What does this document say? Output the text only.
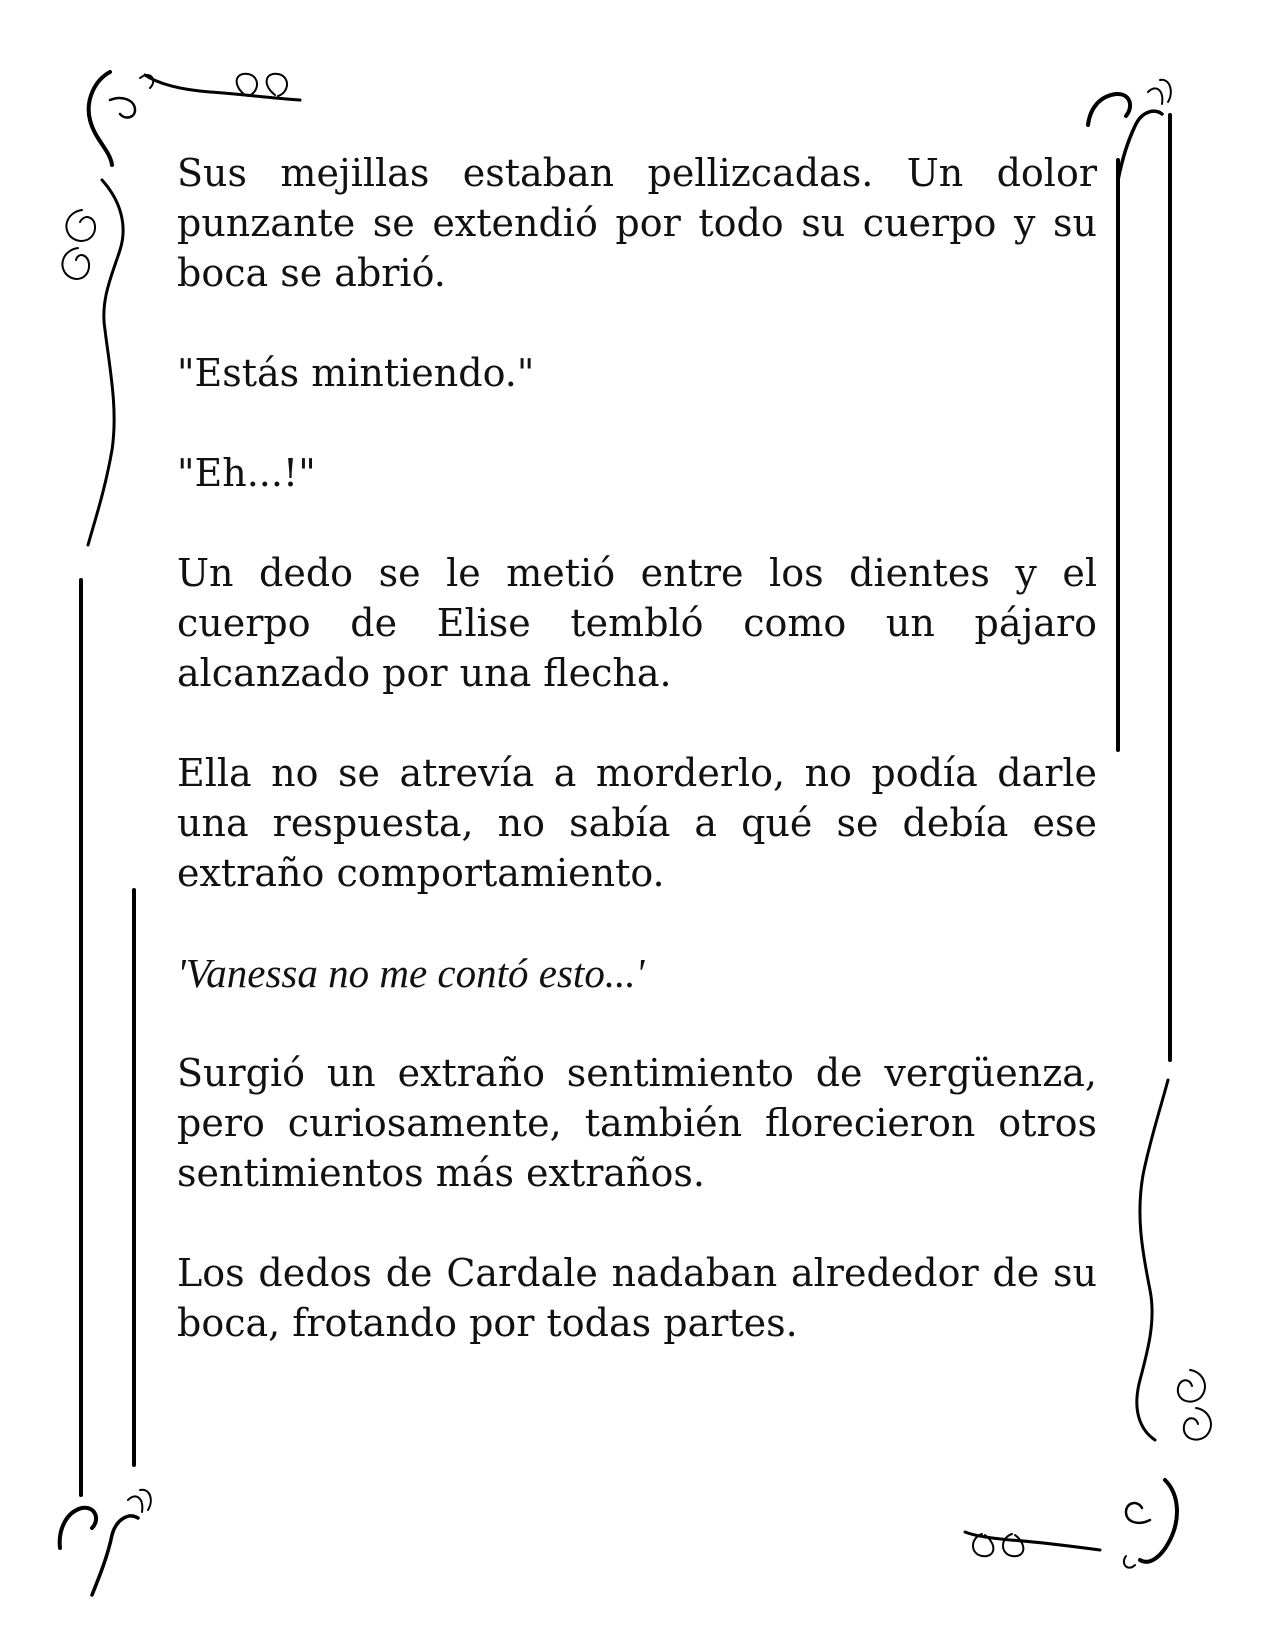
Sus mejillas estaban pellizcadas. Un dolor punzante se extendió por todo su cuerpo y su boca se abrió.

"Estás mintiendo."

"Eh...!"

Un dedo se le metió entre los dientes y el cuerpo de Elise tembló como un pájaro alcanzado por una flecha.

Ella no se atrevía a morderlo, no podía darle una respuesta, no sabía a qué se debía ese extraño comportamiento.

'Vanessa no me contó esto...'

Surgió un extraño sentimiento de vergüenza, pero curiosamente, también florecieron otros sentimientos más extraños.

Los dedos de Cardale nadaban alrededor de su boca, frotando por todas partes.
